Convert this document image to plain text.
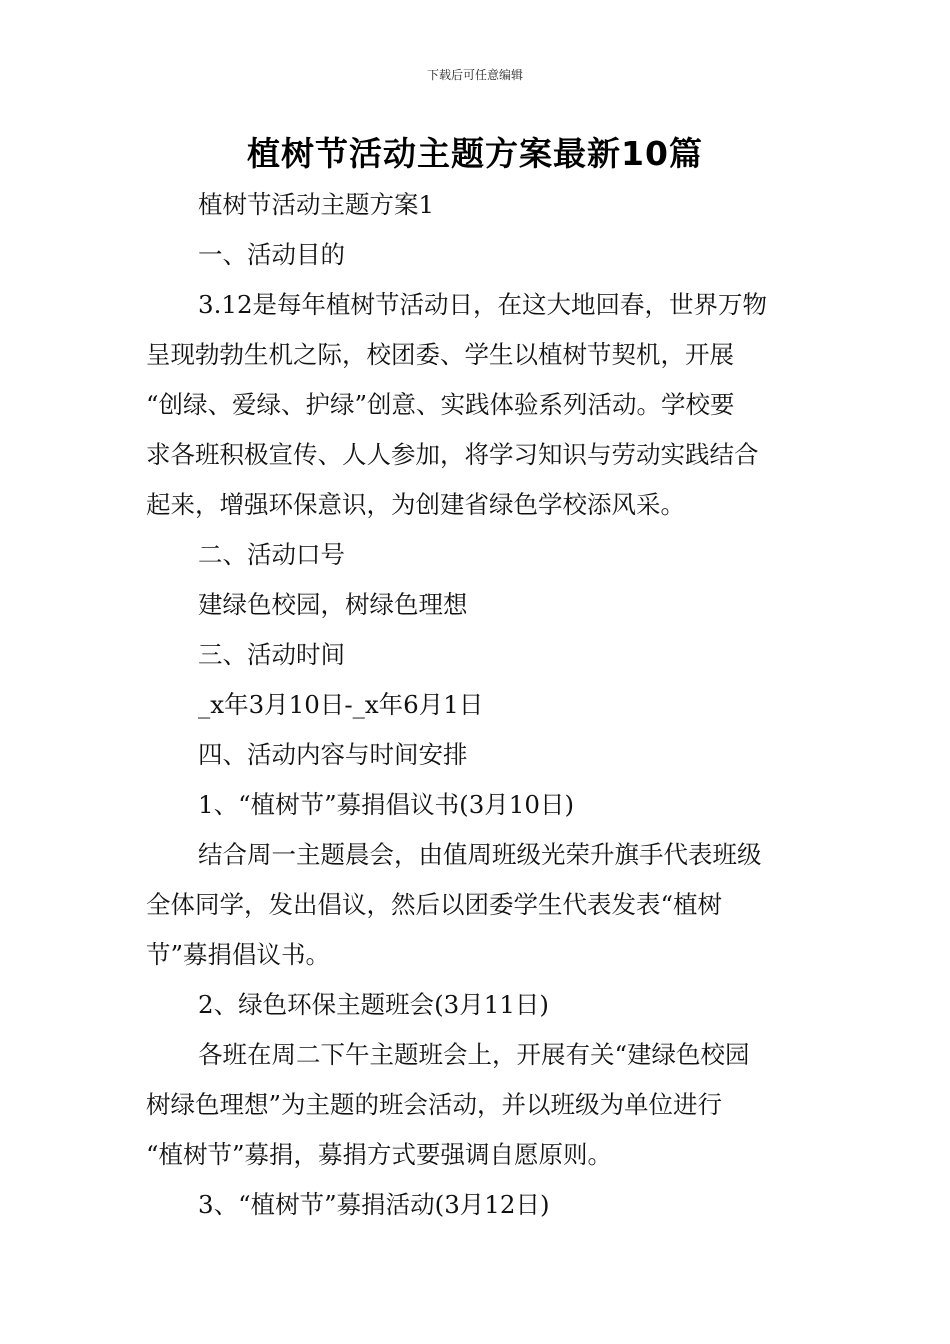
下载后可任意编辑
植树节活动主题方案最新10篇

植树节活动主题方案1

一、活动目的

3.12是每年植树节活动日，在这大地回春，世界万物

呈现勃勃生机之际，校团委、学生以植树节契机，开展

“创绿、爱绿、护绿”创意、实践体验系列活动。学校要

求各班积极宣传、人人参加，将学习知识与劳动实践结合

起来，增强环保意识，为创建省绿色学校添风采。

二、活动口号

建绿色校园，树绿色理想

三、活动时间

_x年3月10日-_x年6月1日

四、活动内容与时间安排

1、“植树节”募捐倡议书(3月10日)

结合周一主题晨会，由值周班级光荣升旗手代表班级

全体同学，发出倡议，然后以团委学生代表发表“植树

节”募捐倡议书。

2、绿色环保主题班会(3月11日)

各班在周二下午主题班会上，开展有关“建绿色校园

树绿色理想”为主题的班会活动，并以班级为单位进行

“植树节”募捐，募捐方式要强调自愿原则。

3、“植树节”募捐活动(3月12日)
